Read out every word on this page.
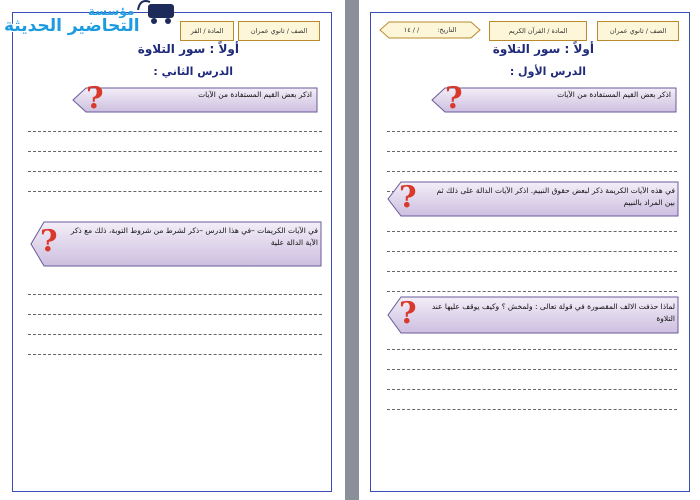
الصف / ثانوي عمران
المادة / القرآن الكريم
التاريخ:
/ / ١٤
أولاً : سور التلاوة
الدرس الأول :
?	اذكر بعض القيم المستفادة من الآيات
?	في هذه الآيات الكريمة ذكر لبعض حقوق النبيم. اذكر الآيات الدالة على ذلك ثم بين المراد بالنبيم
?	لماذا حذفت الالف المقصورة في قولة تعالى : ولمخش ؟ وكيف يوقف عليها عند التلاوة
الصف / ثانوي عمران
المادة / القر
أولاً : سور التلاوة
الدرس الثاني :
?	اذكر بعض القيم المستفادة من الآيات
?	في الآيات الكريمات –في هذا الدرس –ذكر لشرط من شروط التوبة، ذلك مع ذكر الآية الدالة علية
مؤسسة
التحاضير الحديثة
